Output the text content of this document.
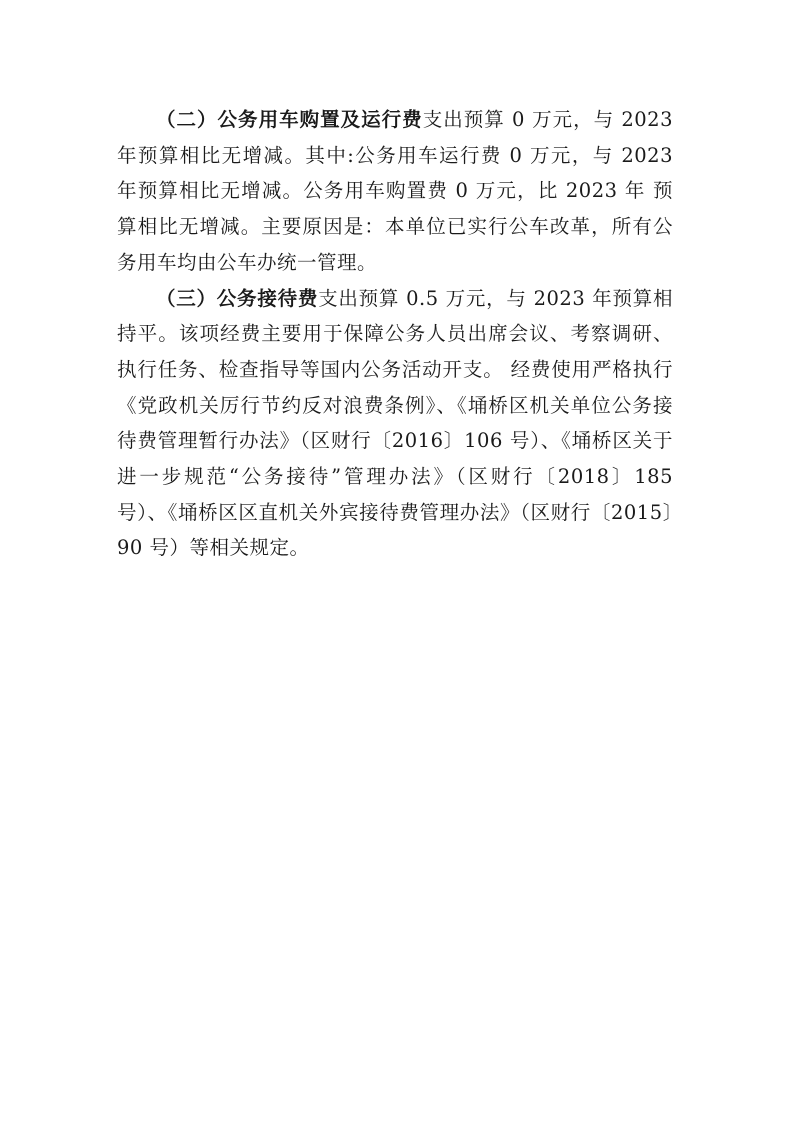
（二）公务用车购置及运行费支出预算 0 万元，与 2023 年预算相比无增减。其中:公务用车运行费 0 万元，与 2023 年预算相比无增减。公务用车购置费 0 万元，比 2023 年 预算相比无增减。主要原因是：本单位已实行公车改革，所有公务用车均由公车办统一管理。

（三）公务接待费支出预算 0.5 万元，与 2023 年预算相持平。该项经费主要用于保障公务人员出席会议、考察调研、执行任务、检查指导等国内公务活动开支。 经费使用严格执行《党政机关厉行节约反对浪费条例》、《埇桥区机关单位公务接待费管理暂行办法》（区财行〔2016〕106 号）、《埇桥区关于进一步规范“公务接待”管理办法》（区财行〔2018〕185 号）、《埇桥区区直机关外宾接待费管理办法》（区财行〔2015〕90 号）等相关规定。
